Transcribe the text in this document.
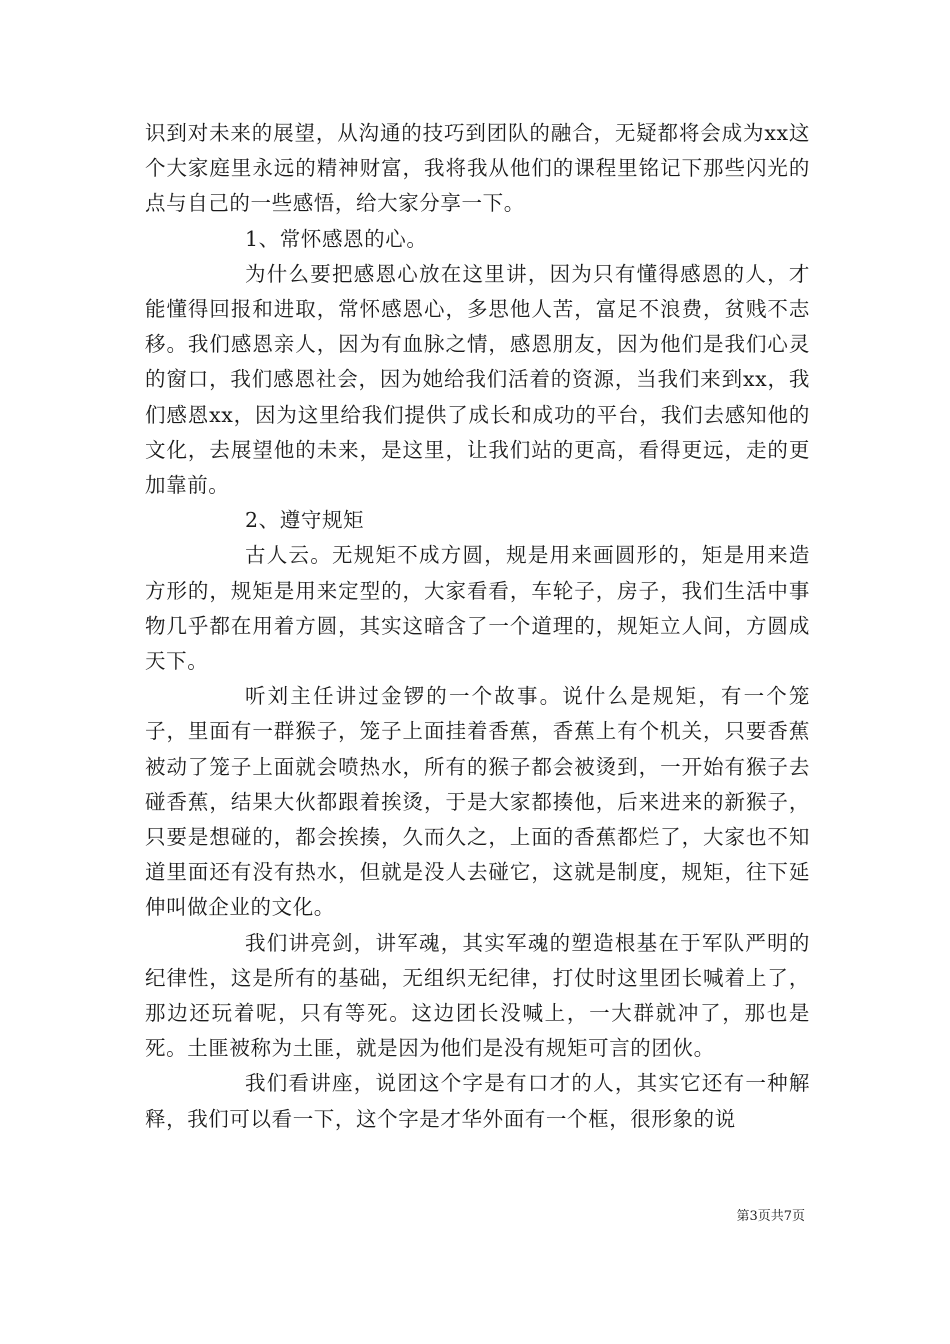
识到对未来的展望，从沟通的技巧到团队的融合，无疑都将会成为xx这个大家庭里永远的精神财富，我将我从他们的课程里铭记下那些闪光的点与自己的一些感悟，给大家分享一下。

1、常怀感恩的心。

为什么要把感恩心放在这里讲，因为只有懂得感恩的人，才能懂得回报和进取，常怀感恩心，多思他人苦，富足不浪费，贫贱不志移。我们感恩亲人，因为有血脉之情，感恩朋友，因为他们是我们心灵的窗口，我们感恩社会，因为她给我们活着的资源，当我们来到xx，我们感恩xx，因为这里给我们提供了成长和成功的平台，我们去感知他的文化，去展望他的未来，是这里，让我们站的更高，看得更远，走的更加靠前。

2、遵守规矩

古人云。无规矩不成方圆，规是用来画圆形的，矩是用来造方形的，规矩是用来定型的，大家看看，车轮子，房子，我们生活中事物几乎都在用着方圆，其实这暗含了一个道理的，规矩立人间，方圆成天下。

听刘主任讲过金锣的一个故事。说什么是规矩，有一个笼子，里面有一群猴子，笼子上面挂着香蕉，香蕉上有个机关，只要香蕉被动了笼子上面就会喷热水，所有的猴子都会被烫到，一开始有猴子去碰香蕉，结果大伙都跟着挨烫，于是大家都揍他，后来进来的新猴子，只要是想碰的，都会挨揍，久而久之，上面的香蕉都烂了，大家也不知道里面还有没有热水，但就是没人去碰它，这就是制度，规矩，往下延伸叫做企业的文化。

我们讲亮剑，讲军魂，其实军魂的塑造根基在于军队严明的纪律性，这是所有的基础，无组织无纪律，打仗时这里团长喊着上了，那边还玩着呢，只有等死。这边团长没喊上，一大群就冲了，那也是死。土匪被称为土匪，就是因为他们是没有规矩可言的团伙。

我们看讲座，说团这个字是有口才的人，其实它还有一种解释，我们可以看一下，这个字是才华外面有一个框，很形象的说

第3页共7页
